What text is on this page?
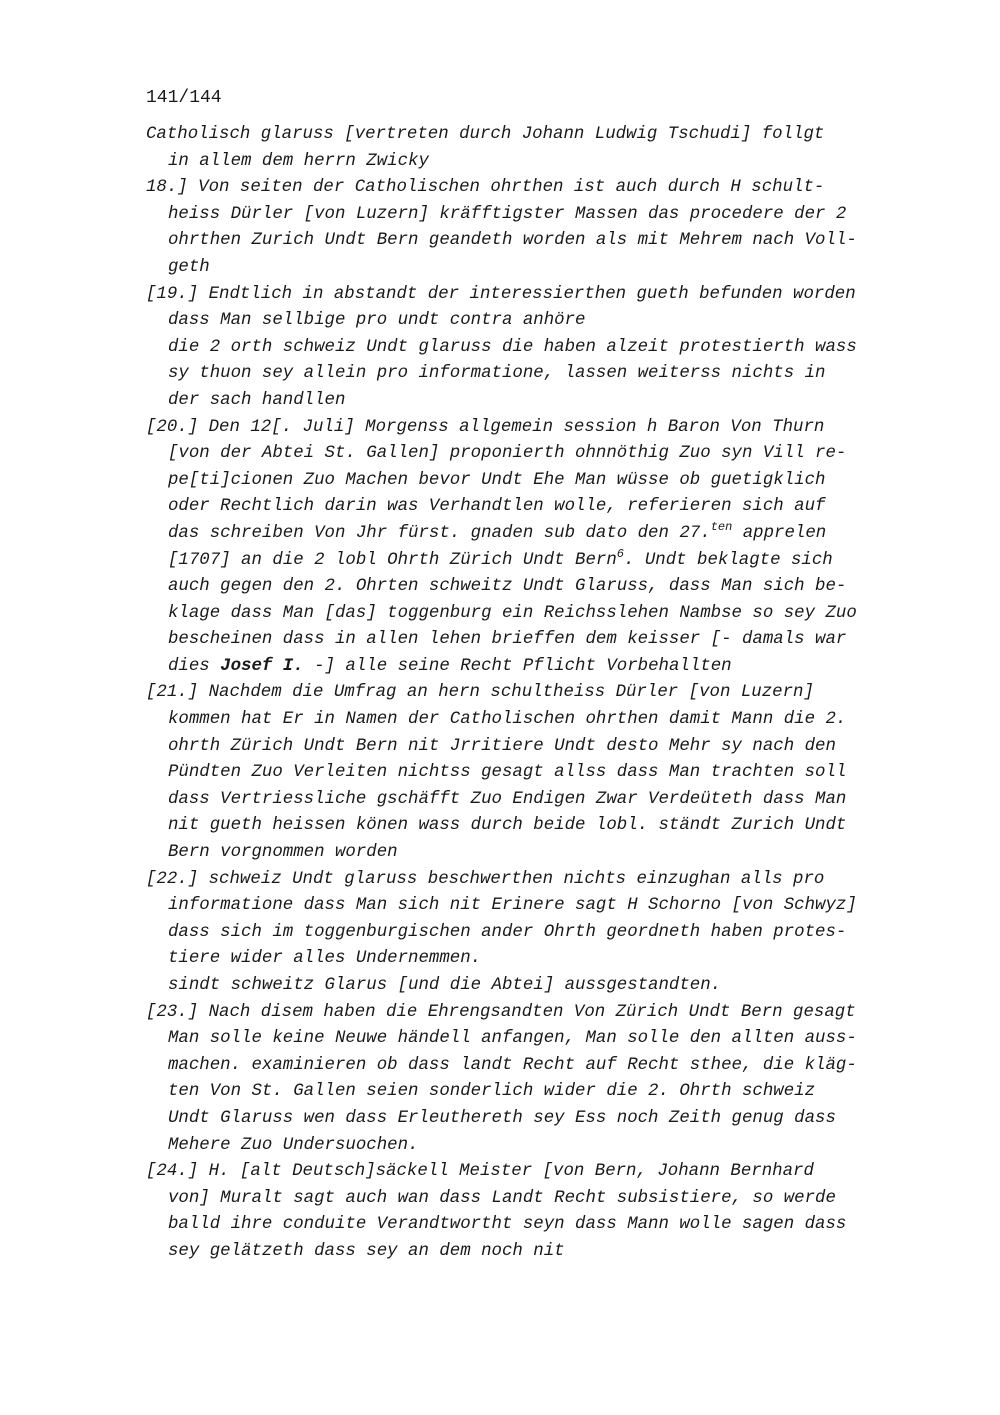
141/144
Catholisch glaruss [vertreten durch Johann Ludwig Tschudi] follgt
in allem dem herrn Zwicky
18.] Von seiten der Catholischen ohrthen ist auch durch H schult-
heiss Dürler [von Luzern] kräfftigster Massen das procedere der 2
ohrthen Zurich Undt Bern geandeth worden als mit Mehrem nach Voll-
geth
[19.] Endtlich in abstandt der interessierthen gueth befunden worden
dass Man sellbige pro undt contra anhöre
die 2 orth schweiz Undt glaruss die haben alzeit protestierth wass
sy thuon sey allein pro informatione, lassen weiterss nichts in
der sach handllen
[20.] Den 12[. Juli] Morgenss allgemein session h Baron Von Thurn
[von der Abtei St. Gallen] proponierth ohnnöthig Zuo syn Vill re-
pe[ti]cionen Zuo Machen bevor Undt Ehe Man wüsse ob guetigklich
oder Rechtlich darin was Verhandtlen wolle, referieren sich auf
das schreiben Von Jhr fürst. gnaden sub dato den 27.$^{ten}$ apprelen
[1707] an die 2 lobl Ohrth Zürich Undt Bern$^6$. Undt beklagte sich
auch gegen den 2. Ohrten schweitz Undt Glaruss, dass Man sich be-
klage dass Man [das] toggenburg ein Reichsslehen Nambse so sey Zuo
bescheinen dass in allen lehen brieffen dem keisser [- damals war
dies Josef I. -] alle seine Recht Pflicht Vorbehallten
[21.] Nachdem die Umfrag an hern schultheiss Dürler [von Luzern]
kommen hat Er in Namen der Catholischen ohrthen damit Mann die 2.
ohrth Zürich Undt Bern nit Jrritiere Undt desto Mehr sy nach den
Pündten Zuo Verleiten nichtss gesagt allss dass Man trachten soll
dass Vertriessliche gschäfft Zuo Endigen Zwar Verdeüteth dass Man
nit gueth heissen könen wass durch beide lobl. ständt Zurich Undt
Bern vorgnommen worden
[22.] schweiz Undt glaruss beschwerthen nichts einzughan alls pro
informatione dass Man sich nit Erinere sagt H Schorno [von Schwyz]
dass sich im toggenburgischen ander Ohrth geordneth haben protes-
tiere wider alles Undernemmen.
sindt schweitz Glarus [und die Abtei] aussgestandten.
[23.] Nach disem haben die Ehrengsandten Von Zürich Undt Bern gesagt
Man solle keine Neuwe händell anfangen, Man solle den allten auss-
machen. examinieren ob dass landt Recht auf Recht sthee, die kläg-
ten Von St. Gallen seien sonderlich wider die 2. Ohrth schweiz
Undt Glaruss wen dass Erleuthereth sey Ess noch Zeith genug dass
Mehere Zuo Undersuochen.
[24.] H. [alt Deutsch]säckell Meister [von Bern, Johann Bernhard
von] Muralt sagt auch wan dass Landt Recht subsistiere, so werde
balld ihre conduite Verandtwortht seyn dass Mann wolle sagen dass
sey gelätzeth dass sey an dem noch nit
